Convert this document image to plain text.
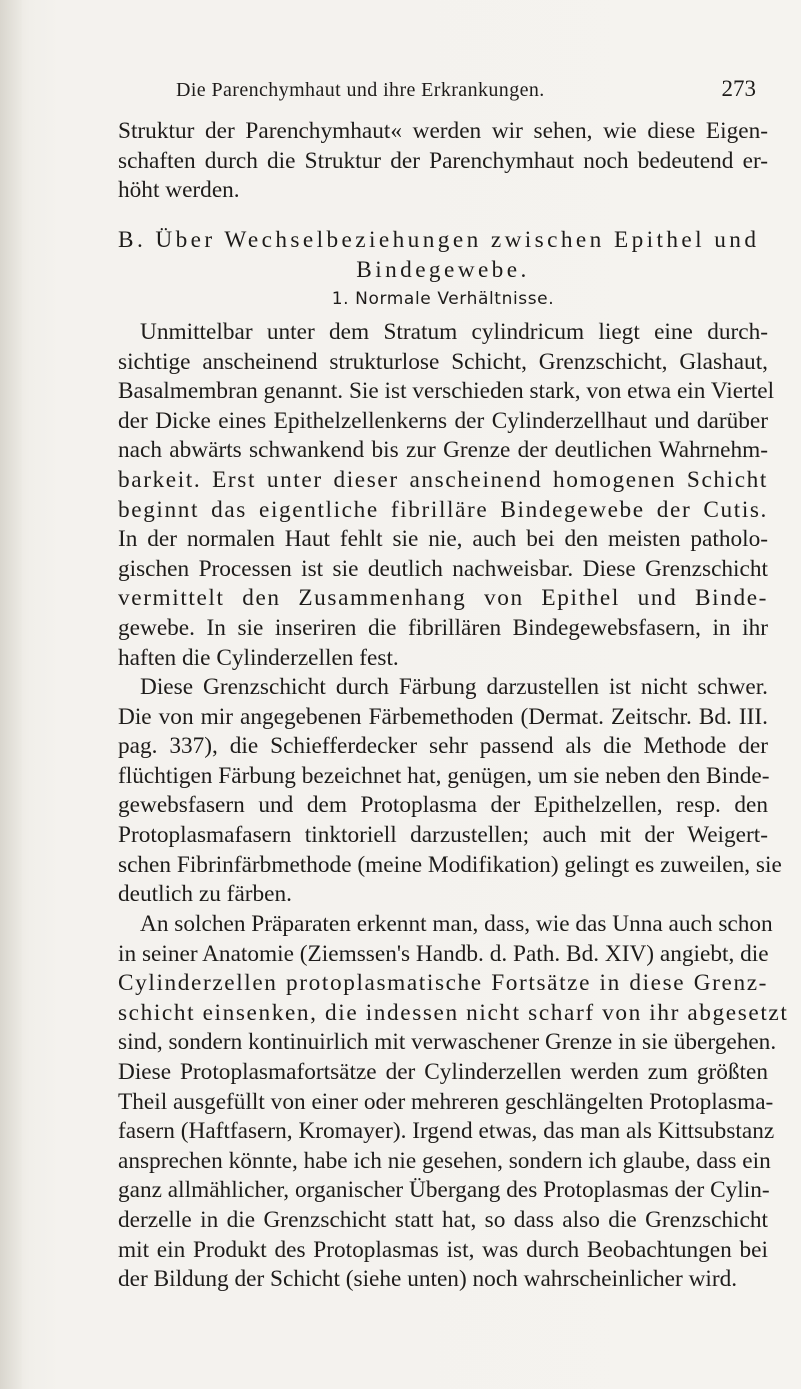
Die Parenchymhaut und ihre Erkrankungen.	273
Struktur der Parenchymhaut« werden wir sehen, wie diese Eigen-
schaften durch die Struktur der Parenchymhaut noch bedeutend er-
höht werden.
B. Über Wechselbeziehungen zwischen Epithel und
Bindegewebe.
1. Normale Verhältnisse.
Unmittelbar unter dem Stratum cylindricum liegt eine durch-
sichtige anscheinend strukturlose Schicht, Grenzschicht, Glashaut,
Basalmembran genannt. Sie ist verschieden stark, von etwa ein Viertel
der Dicke eines Epithelzellenkerns der Cylinderzellhaut und darüber
nach abwärts schwankend bis zur Grenze der deutlichen Wahrnehm-
barkeit. Erst unter dieser anscheinend homogenen Schicht
beginnt das eigentliche fibrilläre Bindegewebe der Cutis.
In der normalen Haut fehlt sie nie, auch bei den meisten patholo-
gischen Processen ist sie deutlich nachweisbar. Diese Grenzschicht
vermittelt den Zusammenhang von Epithel und Binde-
gewebe. In sie inseriren die fibrillären Bindegewebsfasern, in ihr
haften die Cylinderzellen fest.
Diese Grenzschicht durch Färbung darzustellen ist nicht schwer.
Die von mir angegebenen Färbemethoden (Dermat. Zeitschr. Bd. III.
pag. 337), die Schiefferdecker sehr passend als die Methode der
flüchtigen Färbung bezeichnet hat, genügen, um sie neben den Binde-
gewebsfasern und dem Protoplasma der Epithelzellen, resp. den
Protoplasmafasern tinktoriell darzustellen; auch mit der Weigert-
schen Fibrinfärbmethode (meine Modifikation) gelingt es zuweilen, sie
deutlich zu färben.
An solchen Präparaten erkennt man, dass, wie das Unna auch schon
in seiner Anatomie (Ziemssen's Handb. d. Path. Bd. XIV) angiebt, die
Cylinderzellen protoplasmatische Fortsätze in diese Grenz-
schicht einsenken, die indessen nicht scharf von ihr abgesetzt
sind, sondern kontinuirlich mit verwaschener Grenze in sie übergehen.
Diese Protoplasmafortsätze der Cylinderzellen werden zum größten
Theil ausgefüllt von einer oder mehreren geschlängelten Protoplasma-
fasern (Haftfasern, Kromayer). Irgend etwas, das man als Kittsubstanz
ansprechen könnte, habe ich nie gesehen, sondern ich glaube, dass ein
ganz allmählicher, organischer Übergang des Protoplasmas der Cylin-
derzelle in die Grenzschicht statt hat, so dass also die Grenzschicht
mit ein Produkt des Protoplasmas ist, was durch Beobachtungen bei
der Bildung der Schicht (siehe unten) noch wahrscheinlicher wird.
